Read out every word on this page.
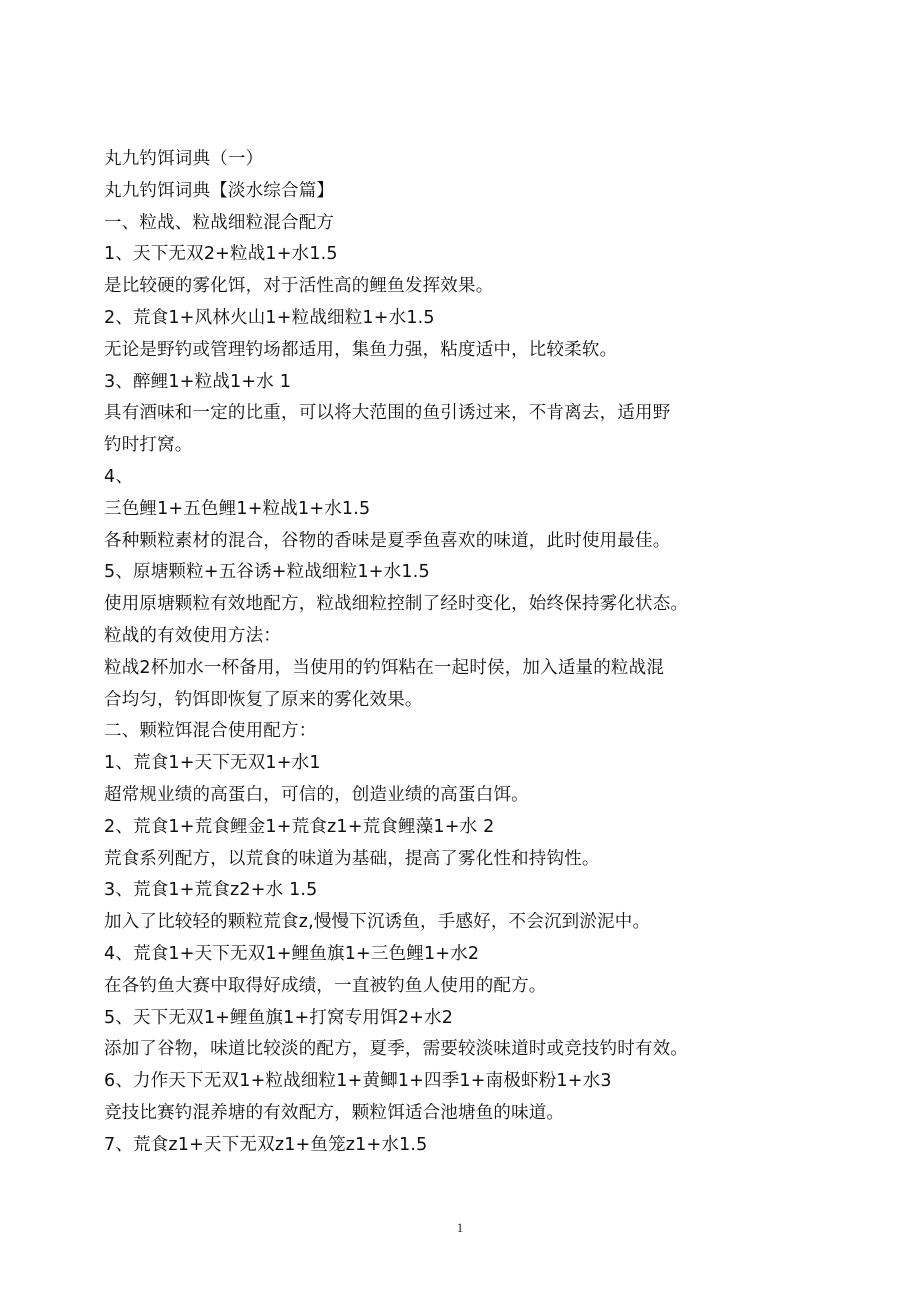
丸九钓饵词典（一）
丸九钓饵词典【淡水综合篇】
一、粒战、粒战细粒混合配方
1、天下无双2+粒战1+水1.5
是比较硬的雾化饵，对于活性高的鲤鱼发挥效果。
2、荒食1+风林火山1+粒战细粒1+水1.5
无论是野钓或管理钓场都适用，集鱼力强，粘度适中，比较柔软。
3、醉鲤1+粒战1+水 1
具有酒味和一定的比重，可以将大范围的鱼引诱过来，不肯离去，适用野
钓时打窝。
4、
三色鲤1+五色鲤1+粒战1+水1.5
各种颗粒素材的混合，谷物的香味是夏季鱼喜欢的味道，此时使用最佳。
5、原塘颗粒+五谷诱+粒战细粒1+水1.5
使用原塘颗粒有效地配方，粒战细粒控制了经时变化，始终保持雾化状态。
粒战的有效使用方法：
粒战2杯加水一杯备用，当使用的钓饵粘在一起时侯，加入适量的粒战混
合均匀，钓饵即恢复了原来的雾化效果。
二、颗粒饵混合使用配方：
1、荒食1+天下无双1+水1
超常规业绩的高蛋白，可信的，创造业绩的高蛋白饵。
2、荒食1+荒食鲤金1+荒食z1+荒食鲤藻1+水 2
荒食系列配方，以荒食的味道为基础，提高了雾化性和持钩性。
3、荒食1+荒食z2+水 1.5
加入了比较轻的颗粒荒食z,慢慢下沉诱鱼，手感好，不会沉到淤泥中。
4、荒食1+天下无双1+鲤鱼旗1+三色鲤1+水2
在各钓鱼大赛中取得好成绩，一直被钓鱼人使用的配方。
5、天下无双1+鲤鱼旗1+打窝专用饵2+水2
添加了谷物，味道比较淡的配方，夏季，需要较淡味道时或竞技钓时有效。
6、力作天下无双1+粒战细粒1+黄鲫1+四季1+南极虾粉1+水3
竞技比赛钓混养塘的有效配方，颗粒饵适合池塘鱼的味道。
7、荒食z1+天下无双z1+鱼笼z1+水1.5
1
